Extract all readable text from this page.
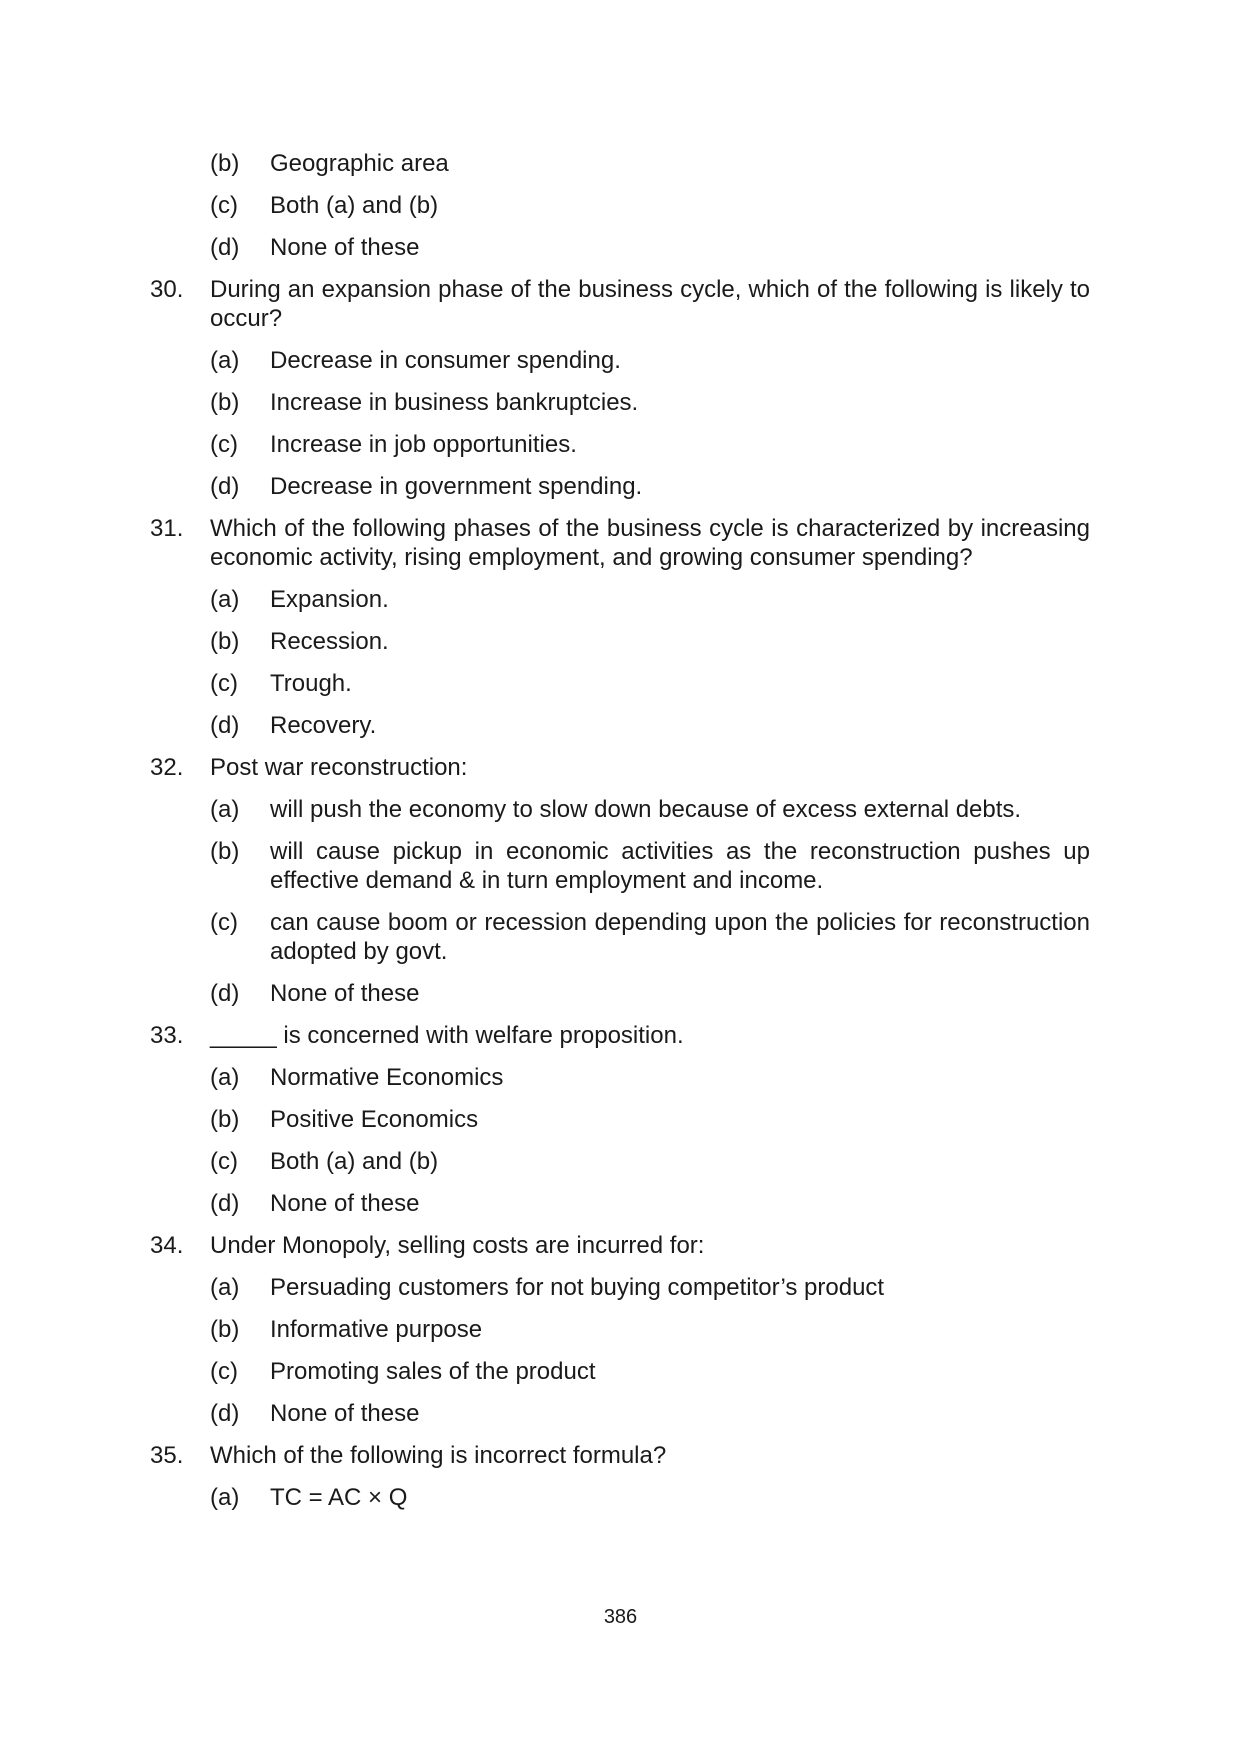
(b)	Geographic area
(c)	Both (a) and (b)
(d)	None of these
30.	During an expansion phase of the business cycle, which of the following is likely to occur?
(a)	Decrease in consumer spending.
(b)	Increase in business bankruptcies.
(c)	Increase in job opportunities.
(d)	Decrease in government spending.
31.	Which of the following phases of the business cycle is characterized by increasing economic activity, rising employment, and growing consumer spending?
(a)	Expansion.
(b)	Recession.
(c)	Trough.
(d)	Recovery.
32.	Post war reconstruction:
(a)	will push the economy to slow down because of excess external debts.
(b)	will cause pickup in economic activities as the reconstruction pushes up effective demand & in turn employment and income.
(c)	can cause boom or recession depending upon the policies for reconstruction adopted by govt.
(d)	None of these
33.	_____ is concerned with welfare proposition.
(a)	Normative Economics
(b)	Positive Economics
(c)	Both (a) and (b)
(d)	None of these
34.	Under Monopoly, selling costs are incurred for:
(a)	Persuading customers for not buying competitor’s product
(b)	Informative purpose
(c)	Promoting sales of the product
(d)	None of these
35.	Which of the following is incorrect formula?
(a)	TC = AC × Q
386
